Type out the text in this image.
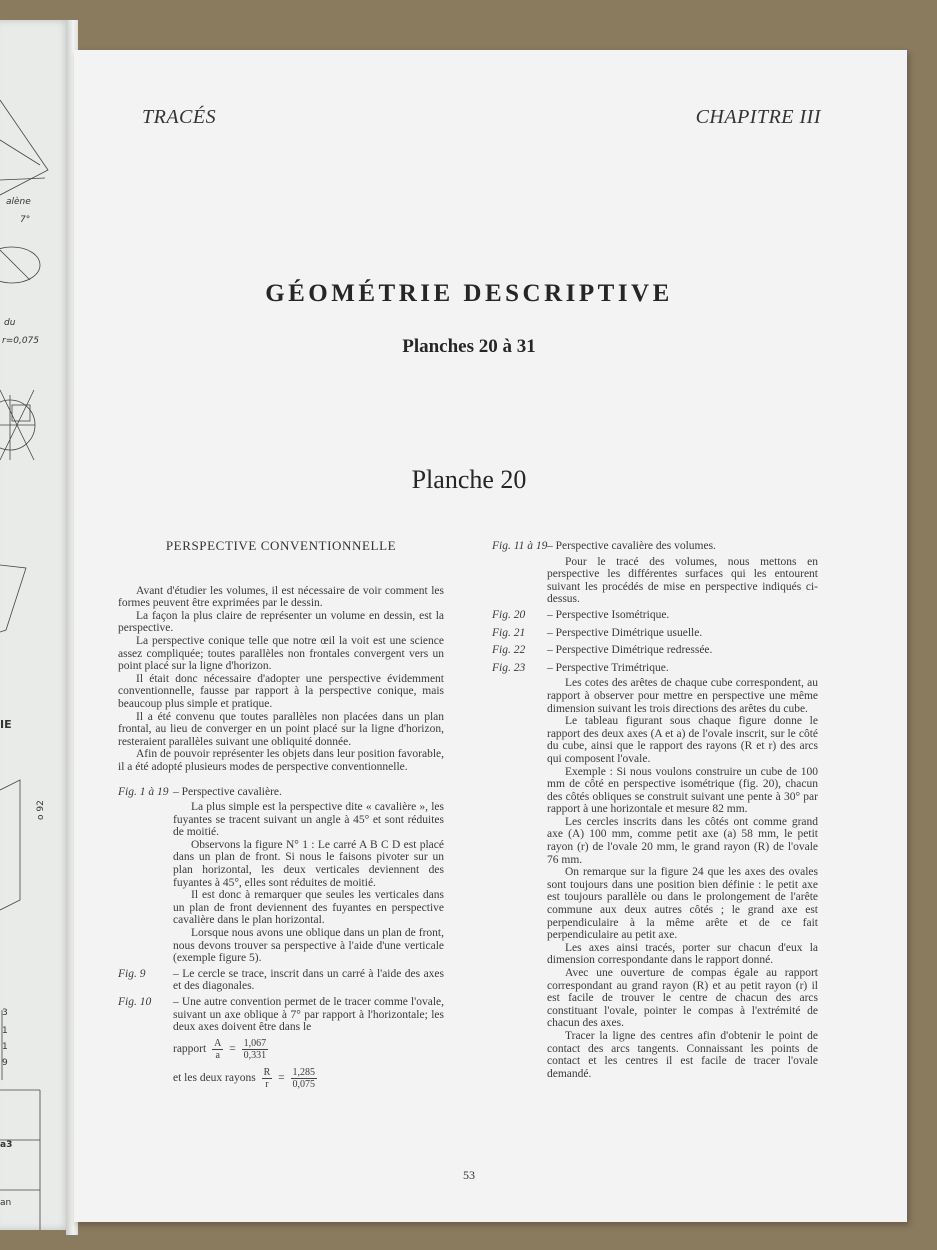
alène
7°
du
r=0,075
IE
o 92
3
1
1
9
a3
an
TRACÉS	CHAPITRE III
GÉOMÉTRIE DESCRIPTIVE
Planches 20 à 31
Planche 20
PERSPECTIVE CONVENTIONNELLE

Avant d'étudier les volumes, il est nécessaire de voir comment les formes peuvent être exprimées par le dessin.

La façon la plus claire de représenter un volume en dessin, est la perspective.

La perspective conique telle que notre œil la voit est une science assez compliquée; toutes parallèles non frontales convergent vers un point placé sur la ligne d'horizon.

Il était donc nécessaire d'adopter une perspective évidemment conventionnelle, fausse par rapport à la perspective conique, mais beaucoup plus simple et pratique.

Il a été convenu que toutes parallèles non placées dans un plan frontal, au lieu de converger en un point placé sur la ligne d'horizon, resteraient parallèles suivant une obliquité donnée.

Afin de pouvoir représenter les objets dans leur position favorable, il a été adopté plusieurs modes de perspective conventionnelle.

Fig. 1 à 19 – Perspective cavalière.

La plus simple est la perspective dite « cavalière », les fuyantes se tracent suivant un angle à 45° et sont réduites de moitié.

Observons la figure N° 1 : Le carré A B C D est placé dans un plan de front. Si nous le faisons pivoter sur un plan horizontal, les deux verticales deviennent des fuyantes à 45°, elles sont réduites de moitié.

Il est donc à remarquer que seules les verticales dans un plan de front deviennent des fuyantes en perspective cavalière dans le plan horizontal.

Lorsque nous avons une oblique dans un plan de front, nous devons trouver sa perspective à l'aide d'une verticale (exemple figure 5).

Fig. 9	– Le cercle se trace, inscrit dans un carré à l'aide des axes et des diagonales.
Fig. 10	– Une autre convention permet de le tracer comme l'ovale, suivant un axe oblique à 7° par rapport à l'horizontale; les deux axes doivent être dans le
rapport $\frac{A}{a} = \frac{1,067}{0,331}$
et les deux rayons $\frac{R}{r} = \frac{1,285}{0,075}$
Fig. 11 à 19 – Perspective cavalière des volumes.

Pour le tracé des volumes, nous mettons en perspective les différentes surfaces qui les entourent suivant les procédés de mise en perspective indiqués ci-dessus.

Fig. 20	– Perspective Isométrique.
Fig. 21	– Perspective Dimétrique usuelle.
Fig. 22	– Perspective Dimétrique redressée.
Fig. 23	– Perspective Trimétrique.

Les cotes des arêtes de chaque cube correspondent, au rapport à observer pour mettre en perspective une même dimension suivant les trois directions des arêtes du cube.

Le tableau figurant sous chaque figure donne le rapport des deux axes (A et a) de l'ovale inscrit, sur le côté du cube, ainsi que le rapport des rayons (R et r) des arcs qui composent l'ovale.

Exemple : Si nous voulons construire un cube de 100 mm de côté en perspective isométrique (fig. 20), chacun des côtés obliques se construit suivant une pente à 30° par rapport à une horizontale et mesure 82 mm.

Les cercles inscrits dans les côtés ont comme grand axe (A) 100 mm, comme petit axe (a) 58 mm, le petit rayon (r) de l'ovale 20 mm, le grand rayon (R) de l'ovale 76 mm.

On remarque sur la figure 24 que les axes des ovales sont toujours dans une position bien définie : le petit axe est toujours parallèle ou dans le prolongement de l'arête commune aux deux autres côtés ; le grand axe est perpendiculaire à la même arête et de ce fait perpendiculaire au petit axe.

Les axes ainsi tracés, porter sur chacun d'eux la dimension correspondante dans le rapport donné.

Avec une ouverture de compas égale au rapport correspondant au grand rayon (R) et au petit rayon (r) il est facile de trouver le centre de chacun des arcs constituant l'ovale, pointer le compas à l'extrémité de chacun des axes.

Tracer la ligne des centres afin d'obtenir le point de contact des arcs tangents. Connaissant les points de contact et les centres il est facile de tracer l'ovale demandé.

53
